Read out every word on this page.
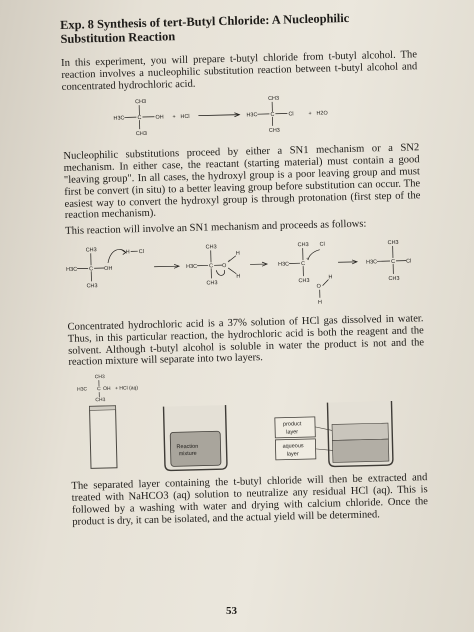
Exp. 8 Synthesis of tert-Butyl Chloride: A Nucleophilic Substitution Reaction

In this experiment, you will prepare t-butyl chloride from t-butyl alcohol. The reaction involves a nucleophilic substitution reaction between t-butyl alcohol and concentrated hydrochloric acid.

CH3
H3C C	OH
CH3
+ HCl
CH3
H3C C	Cl
CH3
+ H2O

Nucleophilic substitutions proceed by either a SN1 mechanism or a SN2 mechanism. In either case, the reactant (starting material) must contain a good "leaving group". In all cases, the hydroxyl group is a poor leaving group and must first be convert (in situ) to a better leaving group before substitution can occur. The easiest way to convert the hydroxyl group is through protonation (first step of the reaction mechanism).

This reaction will involve an SN1 mechanism and proceeds as follows:

CH3
H3C C OH
CH3
H Cl
CH3
H3C C O
+
H
H
CH3
CH3
H3C C
+
CH3
Cl
O
H
H
CH3
H3C	C Cl
CH3

Concentrated hydrochloric acid is a 37% solution of HCl gas dissolved in water. Thus, in this particular reaction, the hydrochloric acid is both the reagent and the solvent. Although t-butyl alcohol is soluble in water the product is not and the reaction mixture will separate into two layers.

CH3
H3C C OH + HCl (aq)
CH3
Reaction
mixture
product
layer
aqueous
layer

The separated layer containing the t-butyl chloride will then be extracted and treated with NaHCO3 (aq) solution to neutralize any residual HCl (aq). This is followed by a washing with water and drying with calcium chloride. Once the product is dry, it can be isolated, and the actual yield will be determined.

53
